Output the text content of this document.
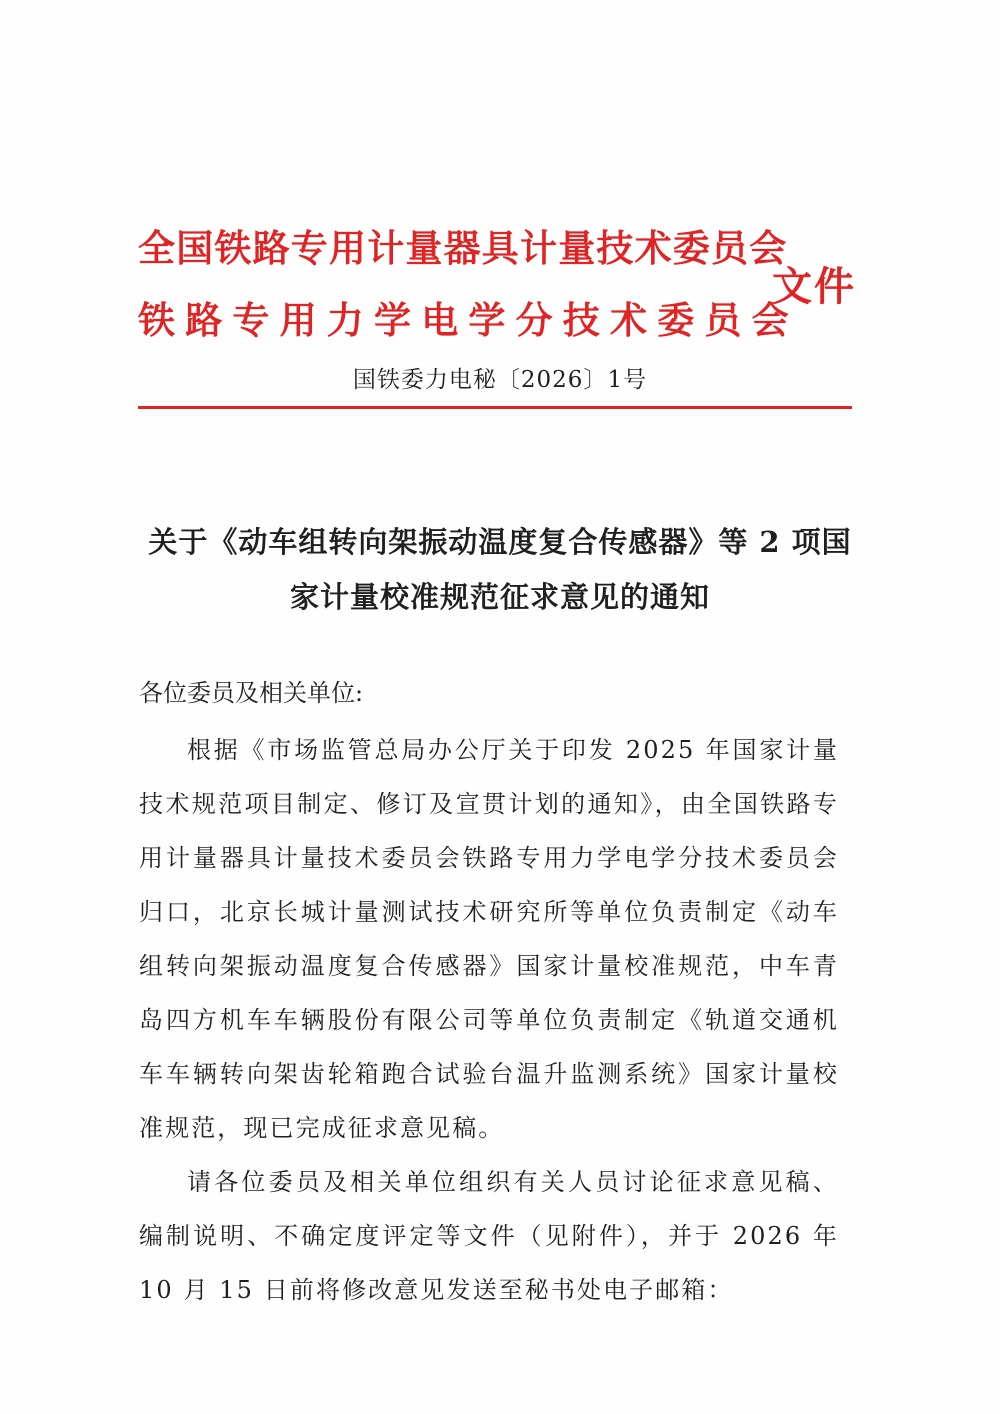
全国铁路专用计量器具计量技术委员会
铁路专用力学电学分技术委员会
文件
国铁委力电秘〔2026〕1号
关于《动车组转向架振动温度复合传感器》等 2 项国
家计量校准规范征求意见的通知
各位委员及相关单位:
根据《市场监管总局办公厅关于印发 2025 年国家计量技术规范项目制定、修订及宣贯计划的通知》，由全国铁路专用计量器具计量技术委员会铁路专用力学电学分技术委员会归口，北京长城计量测试技术研究所等单位负责制定《动车组转向架振动温度复合传感器》国家计量校准规范，中车青岛四方机车车辆股份有限公司等单位负责制定《轨道交通机车车辆转向架齿轮箱跑合试验台温升监测系统》国家计量校准规范，现已完成征求意见稿。
请各位委员及相关单位组织有关人员讨论征求意见稿、编制说明、不确定度评定等文件（见附件），并于 2026 年 10 月 15 日前将修改意见发送至秘书处电子邮箱：
